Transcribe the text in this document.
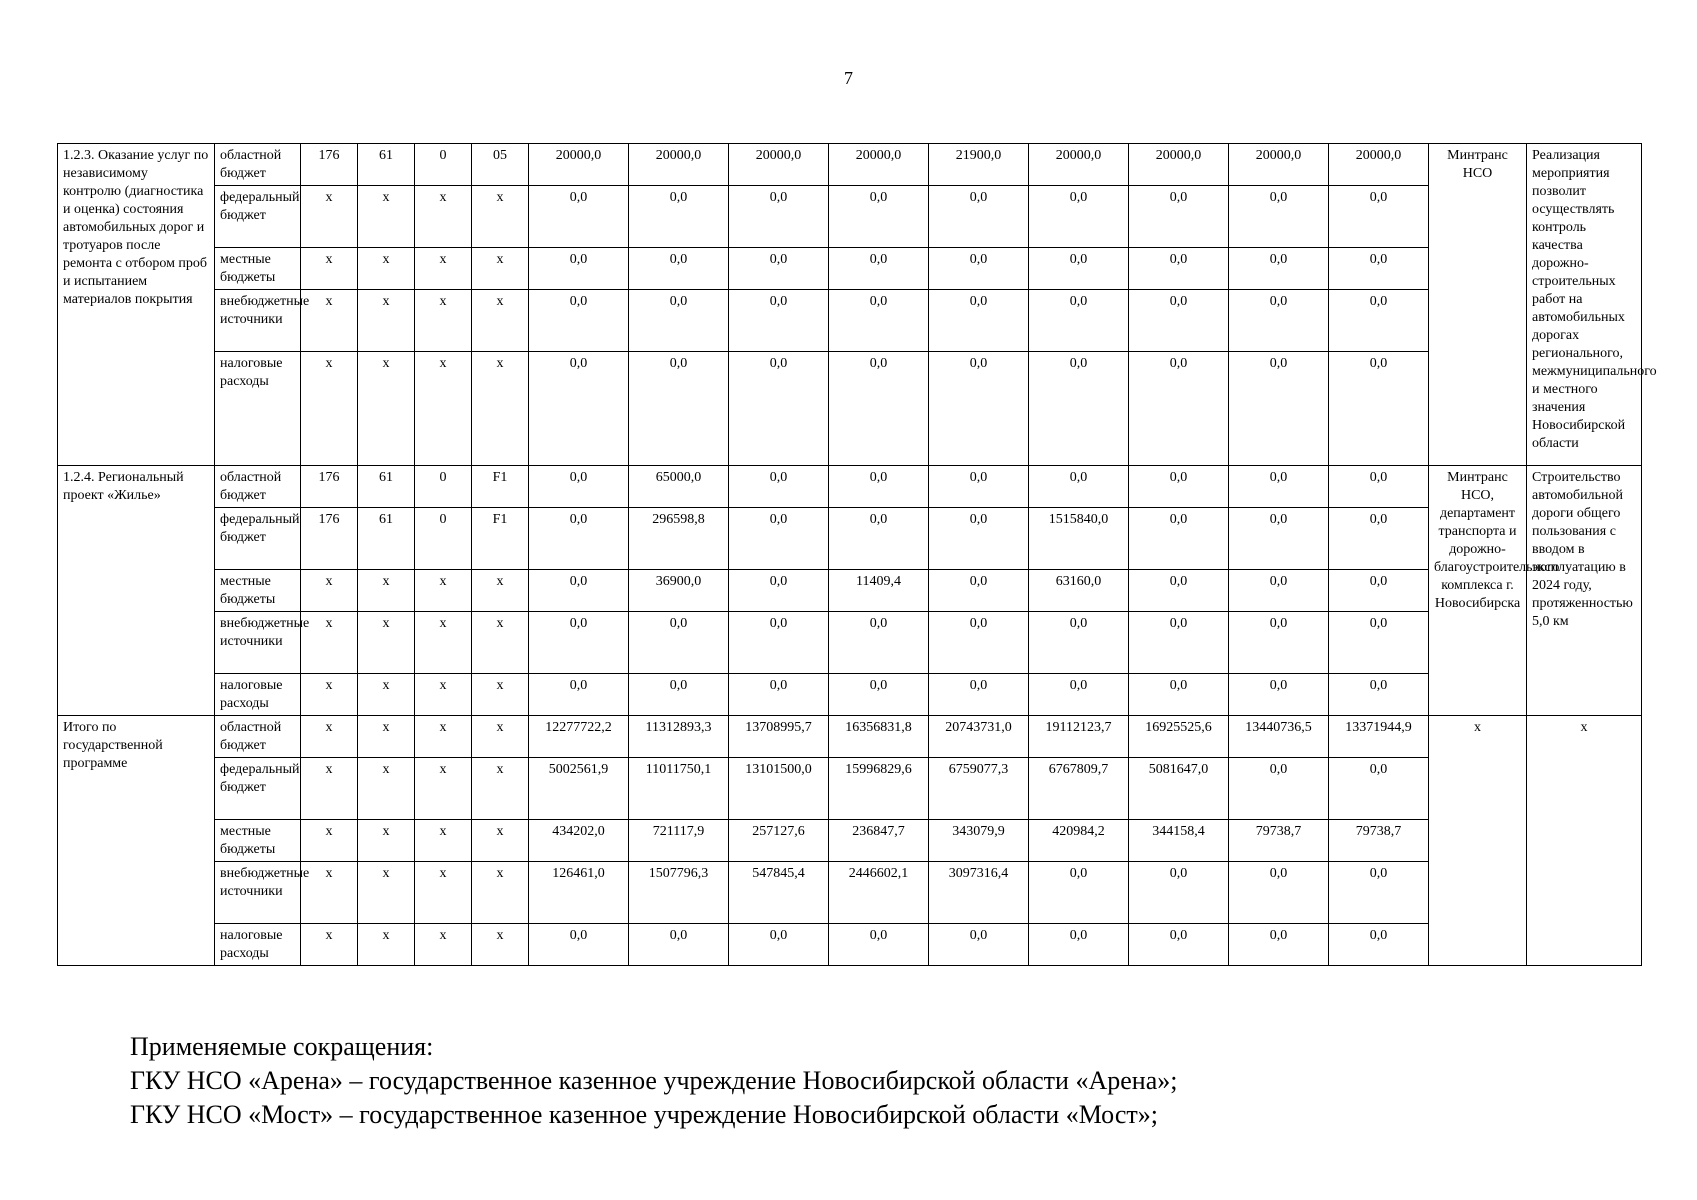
7
1.2.3. Оказание услуг по независимому контролю (диагностика и оценка) состояния автомобильных дорог и тротуаров после ремонта с отбором проб и испытанием материалов покрытия	областной бюджет	176	61	0	05	20000,0	20000,0	20000,0	20000,0	21900,0	20000,0	20000,0	20000,0	20000,0	Минтранс НСО	Реализация мероприятия позволит осуществлять контроль качества дорожно-строительных работ на автомобильных дорогах регионального, межмуниципального и местного значения Новосибирской области
	федеральный бюджет	x	x	x	x	0,0	0,0	0,0	0,0	0,0	0,0	0,0	0,0	0,0		
	местные бюджеты	x	x	x	x	0,0	0,0	0,0	0,0	0,0	0,0	0,0	0,0	0,0		
	внебюджетные источники	x	x	x	x	0,0	0,0	0,0	0,0	0,0	0,0	0,0	0,0	0,0		
	налоговые расходы	x	x	x	x	0,0	0,0	0,0	0,0	0,0	0,0	0,0	0,0	0,0		
1.2.4. Региональный проект «Жилье»	областной бюджет	176	61	0	F1	0,0	65000,0	0,0	0,0	0,0	0,0	0,0	0,0	0,0	Минтранс НСО, департамент транспорта и дорожно-благоустроительного комплекса г. Новосибирска	Строительство автомобильной дороги общего пользования с вводом в эксплуатацию в 2024 году, протяженностью 5,0 км
	федеральный бюджет	176	61	0	F1	0,0	296598,8	0,0	0,0	0,0	1515840,0	0,0	0,0	0,0		
	местные бюджеты	x	x	x	x	0,0	36900,0	0,0	11409,4	0,0	63160,0	0,0	0,0	0,0		
	внебюджетные источники	x	x	x	x	0,0	0,0	0,0	0,0	0,0	0,0	0,0	0,0	0,0		
	налоговые расходы	x	x	x	x	0,0	0,0	0,0	0,0	0,0	0,0	0,0	0,0	0,0		
Итого по государственной программе	областной бюджет	x	x	x	x	12277722,2	11312893,3	13708995,7	16356831,8	20743731,0	19112123,7	16925525,6	13440736,5	13371944,9	x	x
	федеральный бюджет	x	x	x	x	5002561,9	11011750,1	13101500,0	15996829,6	6759077,3	6767809,7	5081647,0	0,0	0,0		
	местные бюджеты	x	x	x	x	434202,0	721117,9	257127,6	236847,7	343079,9	420984,2	344158,4	79738,7	79738,7		
	внебюджетные источники	x	x	x	x	126461,0	1507796,3	547845,4	2446602,1	3097316,4	0,0	0,0	0,0	0,0		
	налоговые расходы	x	x	x	x	0,0	0,0	0,0	0,0	0,0	0,0	0,0	0,0	0,0		
Применяемые сокращения:
ГКУ НСО «Арена» – государственное казенное учреждение Новосибирской области «Арена»;
ГКУ НСО «Мост» – государственное казенное учреждение Новосибирской области «Мост»;
